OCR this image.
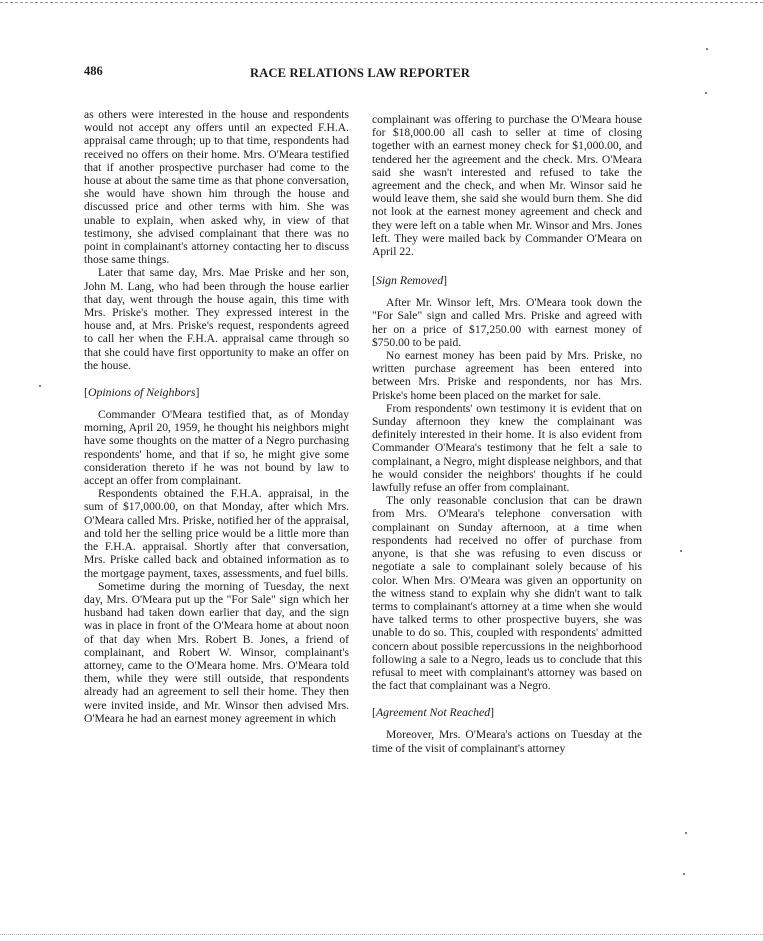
486	RACE RELATIONS LAW REPORTER

as others were interested in the house and respondents would not accept any offers until an expected F.H.A. appraisal came through; up to that time, respondents had received no offers on their home. Mrs. O'Meara testified that if another prospective purchaser had come to the house at about the same time as that phone conversation, she would have shown him through the house and discussed price and other terms with him. She was unable to explain, when asked why, in view of that testimony, she advised complainant that there was no point in complainant's attorney contacting her to discuss those same things.

Later that same day, Mrs. Mae Priske and her son, John M. Lang, who had been through the house earlier that day, went through the house again, this time with Mrs. Priske's mother. They expressed interest in the house and, at Mrs. Priske's request, respondents agreed to call her when the F.H.A. appraisal came through so that she could have first opportunity to make an offer on the house.

[Opinions of Neighbors]

Commander O'Meara testified that, as of Monday morning, April 20, 1959, he thought his neighbors might have some thoughts on the matter of a Negro purchasing respondents' home, and that if so, he might give some consideration thereto if he was not bound by law to accept an offer from complainant.

Respondents obtained the F.H.A. appraisal, in the sum of $17,000.00, on that Monday, after which Mrs. O'Meara called Mrs. Priske, notified her of the appraisal, and told her the selling price would be a little more than the F.H.A. appraisal. Shortly after that conversation, Mrs. Priske called back and obtained information as to the mortgage payment, taxes, assessments, and fuel bills.

Sometime during the morning of Tuesday, the next day, Mrs. O'Meara put up the "For Sale" sign which her husband had taken down earlier that day, and the sign was in place in front of the O'Meara home at about noon of that day when Mrs. Robert B. Jones, a friend of complainant, and Robert W. Winsor, complainant's attorney, came to the O'Meara home. Mrs. O'Meara told them, while they were still outside, that respondents already had an agreement to sell their home. They then were invited inside, and Mr. Winsor then advised Mrs. O'Meara he had an earnest money agreement in which

complainant was offering to purchase the O'Meara house for $18,000.00 all cash to seller at time of closing together with an earnest money check for $1,000.00, and tendered her the agreement and the check. Mrs. O'Meara said she wasn't interested and refused to take the agreement and the check, and when Mr. Winsor said he would leave them, she said she would burn them. She did not look at the earnest money agreement and check and they were left on a table when Mr. Winsor and Mrs. Jones left. They were mailed back by Commander O'Meara on April 22.

[Sign Removed]

After Mr. Winsor left, Mrs. O'Meara took down the "For Sale" sign and called Mrs. Priske and agreed with her on a price of $17,250.00 with earnest money of $750.00 to be paid.

No earnest money has been paid by Mrs. Priske, no written purchase agreement has been entered into between Mrs. Priske and respondents, nor has Mrs. Priske's home been placed on the market for sale.

From respondents' own testimony it is evident that on Sunday afternoon they knew the complainant was definitely interested in their home. It is also evident from Commander O'Meara's testimony that he felt a sale to complainant, a Negro, might displease neighbors, and that he would consider the neighbors' thoughts if he could lawfully refuse an offer from complainant.

The only reasonable conclusion that can be drawn from Mrs. O'Meara's telephone conversation with complainant on Sunday afternoon, at a time when respondents had received no offer of purchase from anyone, is that she was refusing to even discuss or negotiate a sale to complainant solely because of his color. When Mrs. O'Meara was given an opportunity on the witness stand to explain why she didn't want to talk terms to complainant's attorney at a time when she would have talked terms to other prospective buyers, she was unable to do so. This, coupled with respondents' admitted concern about possible repercussions in the neighborhood following a sale to a Negro, leads us to conclude that this refusal to meet with complainant's attorney was based on the fact that complainant was a Negro.

[Agreement Not Reached]

Moreover, Mrs. O'Meara's actions on Tuesday at the time of the visit of complainant's attorney
